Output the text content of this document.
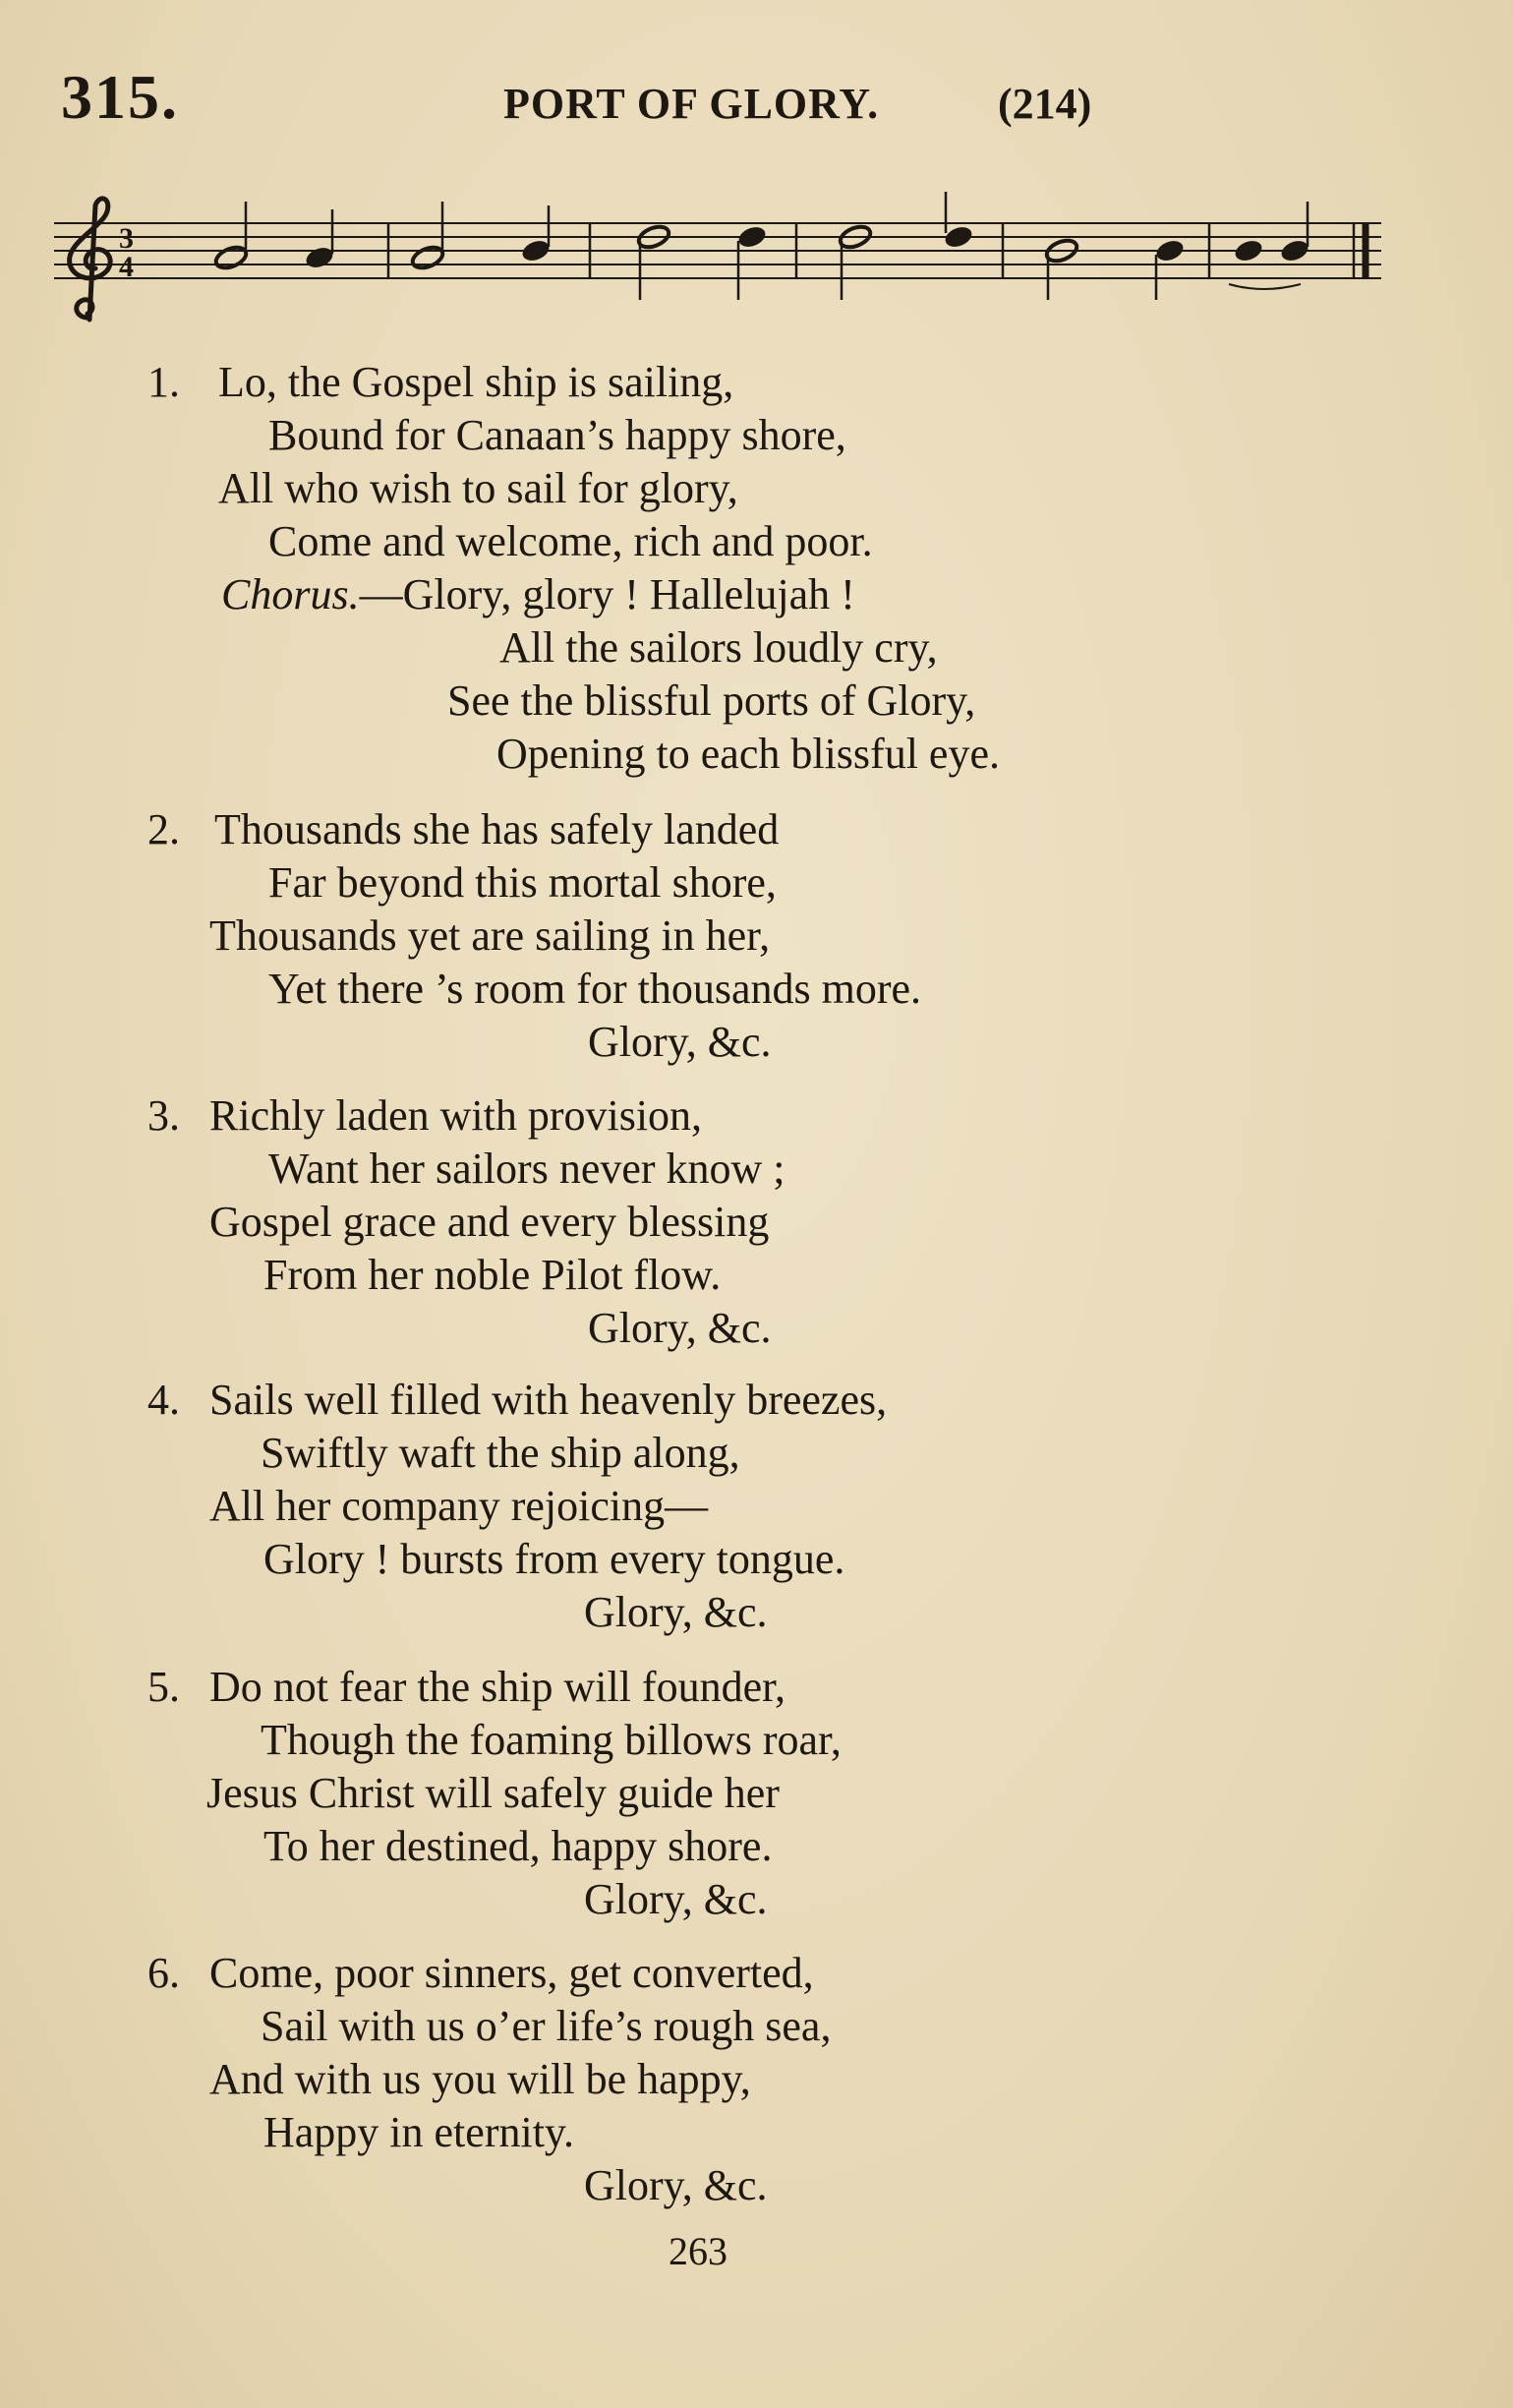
315.	PORT OF GLORY.	(214)
3
4
1. Lo, the Gospel ship is sailing,
Bound for Canaan’s happy shore,
All who wish to sail for glory,
Come and welcome, rich and poor.
Chorus.—Glory, glory ! Hallelujah !
All the sailors loudly cry,
See the blissful ports of Glory,
Opening to each blissful eye.
2. Thousands she has safely landed
Far beyond this mortal shore,
Thousands yet are sailing in her,
Yet there ’s room for thousands more.
Glory, &c.
3. Richly laden with provision,
Want her sailors never know ;
Gospel grace and every blessing
From her noble Pilot flow.
Glory, &c.
4. Sails well filled with heavenly breezes,
Swiftly waft the ship along,
All her company rejoicing—
Glory ! bursts from every tongue.
Glory, &c.
5. Do not fear the ship will founder,
Though the foaming billows roar,
Jesus Christ will safely guide her
To her destined, happy shore.
Glory, &c.
6. Come, poor sinners, get converted,
Sail with us o’er life’s rough sea,
And with us you will be happy,
Happy in eternity.
Glory, &c.
263
